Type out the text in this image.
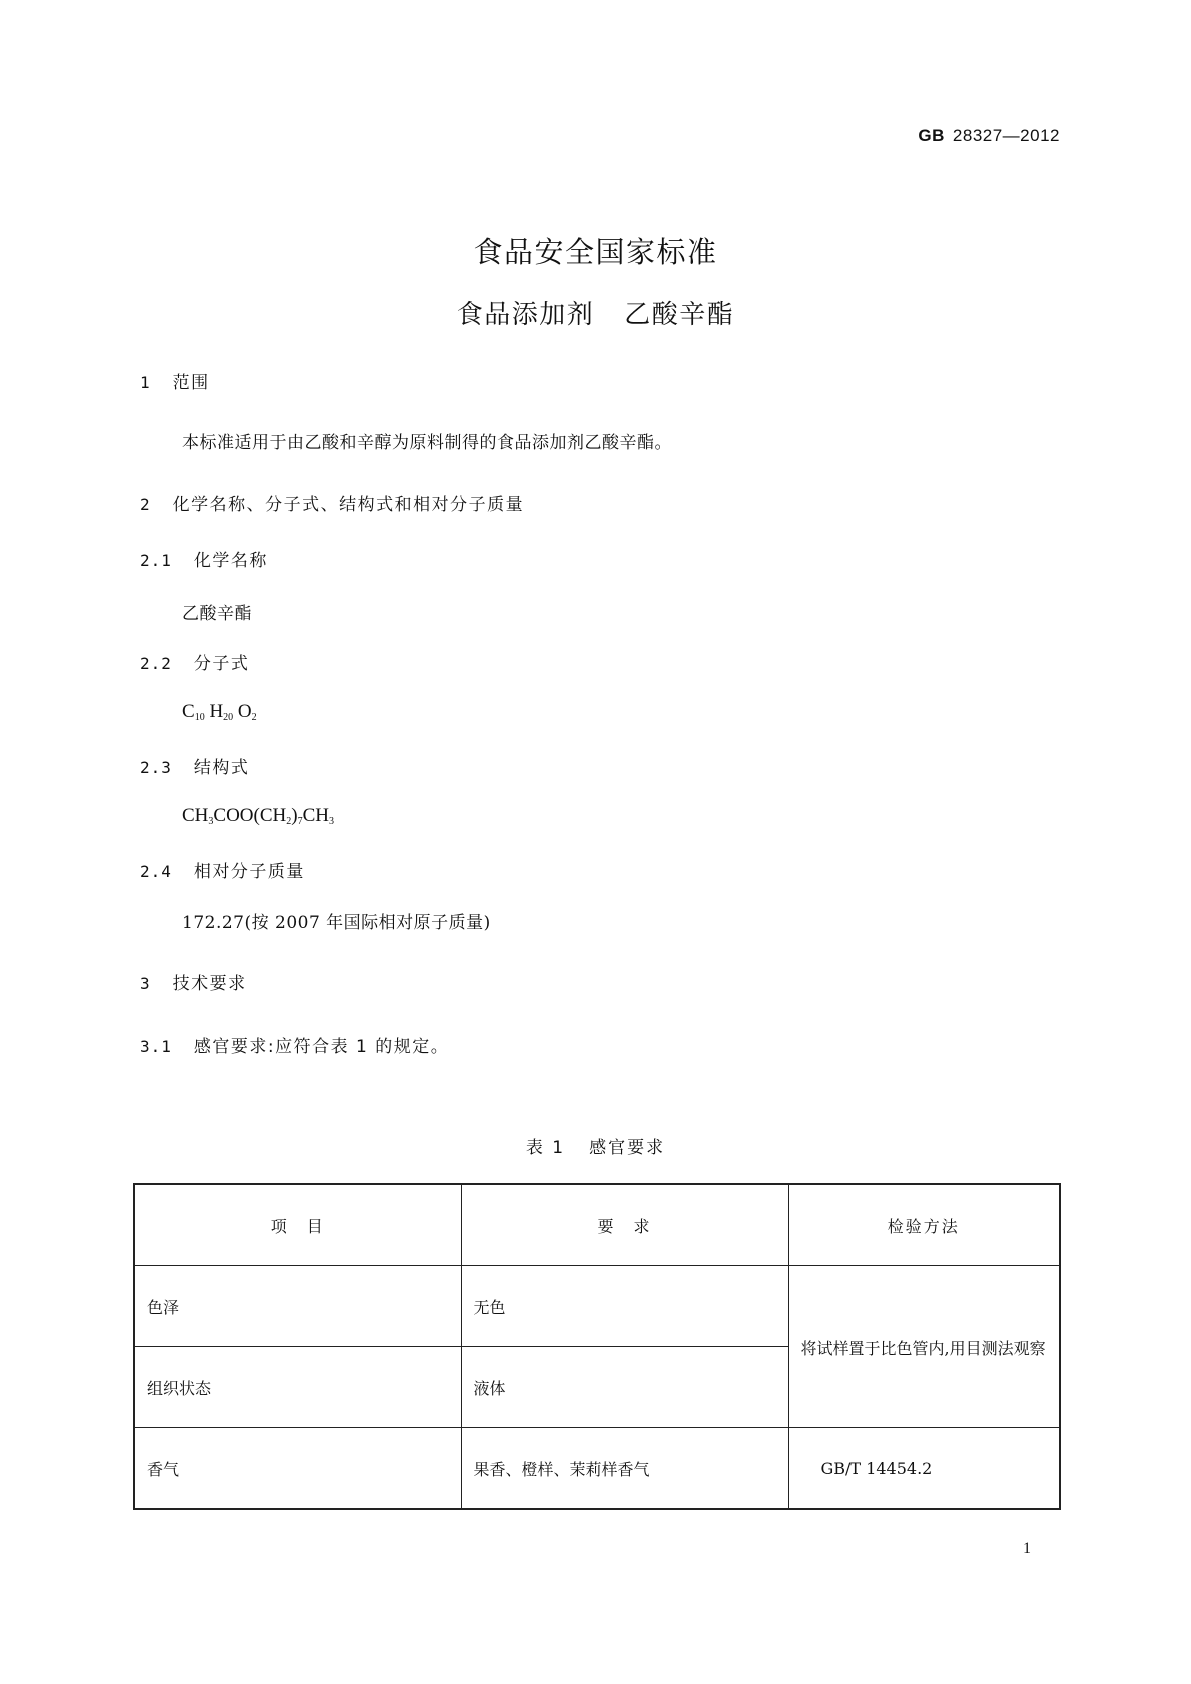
GB 28327—2012
食品安全国家标准
食品添加剂 乙酸辛酯
1 范围
本标准适用于由乙酸和辛醇为原料制得的食品添加剂乙酸辛酯。
2 化学名称、分子式、结构式和相对分子质量
2.1 化学名称
乙酸辛酯
2.2 分子式
$C_{10}$ $H_{20}$ $O_2$
2.3 结构式
$CH_3COO(CH_2)_7CH_3$
2.4 相对分子质量
172.27(按 2007 年国际相对原子质量)
3 技术要求
3.1 感官要求:应符合表 1 的规定。
表 1 感官要求
项　目	要　求	检验方法
色泽	无色	将试样置于比色管内,用目测法观察
组织状态	液体	
香气	果香、橙样、茉莉样香气	GB/T 14454.2
1
